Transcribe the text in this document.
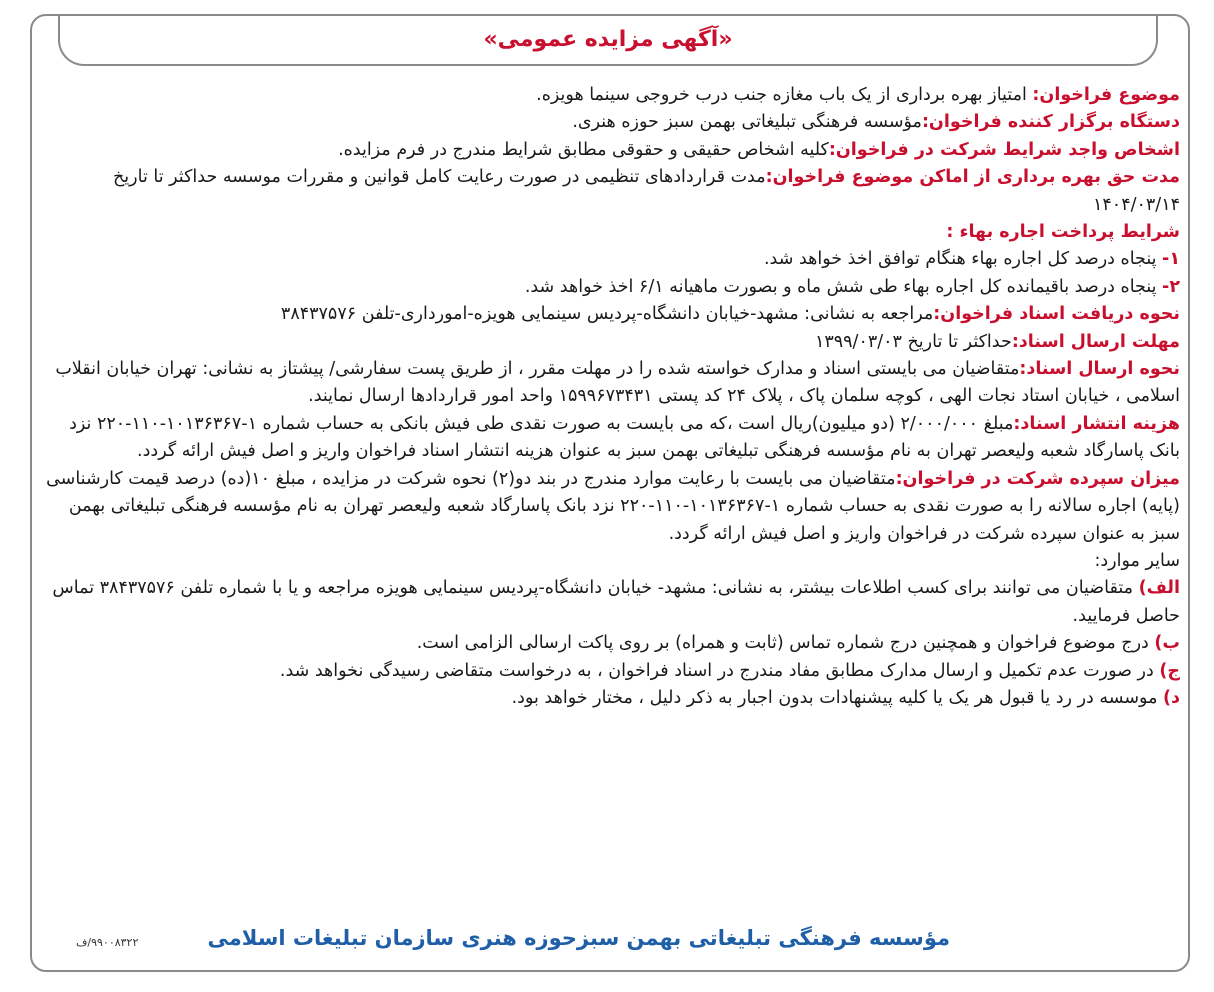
«آگهی مزایده عمومی»

موضوع فراخوان: امتیاز بهره برداری از یک باب مغازه جنب درب خروجی سینما هویزه.

دستگاه برگزار کننده فراخوان:مؤسسه فرهنگی تبلیغاتی بهمن سبز حوزه هنری.

اشخاص واجد شرایط شرکت در فراخوان:کلیه اشخاص حقیقی و حقوقی مطابق شرایط مندرج در فرم مزایده.

مدت حق بهره برداری از اماکن موضوع فراخوان:مدت قراردادهای تنظیمی در صورت رعایت کامل قوانین و مقررات موسسه حداکثر تا تاریخ ۱۴۰۴/۰۳/۱۴

شرایط پرداخت اجاره بهاء :

۱- پنجاه درصد کل اجاره بهاء هنگام توافق اخذ خواهد شد.

۲- پنجاه درصد باقیمانده کل اجاره بهاء طی شش ماه و بصورت ماهیانه ۶/۱ اخذ خواهد شد.

نحوه دریافت اسناد فراخوان:مراجعه به نشانی: مشهد-خیابان دانشگاه-پردیس سینمایی هویزه-امورداری-تلفن ۳۸۴۳۷۵۷۶

مهلت ارسال اسناد:حداکثر تا تاریخ ۱۳۹۹/۰۳/۰۳

نحوه ارسال اسناد:متقاضیان می بایستی اسناد و مدارک خواسته شده را در مهلت مقرر ، از طریق پست سفارشی/ پیشتاز به نشانی: تهران خیابان انقلاب اسلامی ، خیابان استاد نجات الهی ، کوچه سلمان پاک ، پلاک ۲۴ کد پستی ۱۵۹۹۶۷۳۴۳۱ واحد امور قراردادها ارسال نمایند.

هزینه انتشار اسناد:مبلغ ۲/۰۰۰/۰۰۰ (دو میلیون)ریال است ،که می بایست به صورت نقدی طی فیش بانکی به حساب شماره ۱-۱۰۱۳۶۳۶۷-۱۱۰-۲۲۰ نزد بانک پاسارگاد شعبه ولیعصر تهران به نام مؤسسه فرهنگی تبلیغاتی بهمن سبز به عنوان هزینه انتشار اسناد فراخوان واریز و اصل فیش ارائه گردد.

میزان سپرده شرکت در فراخوان:متقاضیان می بایست با رعایت موارد مندرج در بند دو(۲) نحوه شرکت در مزایده ، مبلغ ۱۰(ده) درصد قیمت کارشناسی (پایه) اجاره سالانه را به صورت نقدی به حساب شماره ۱-۱۰۱۳۶۳۶۷-۱۱۰-۲۲۰ نزد بانک پاسارگاد شعبه ولیعصر تهران به نام مؤسسه فرهنگی تبلیغاتی بهمن سبز به عنوان سپرده شرکت در فراخوان واریز و اصل فیش ارائه گردد.

سایر موارد:

الف) متقاضیان می توانند برای کسب اطلاعات بیشتر، به نشانی: مشهد- خیابان دانشگاه-پردیس سینمایی هویزه مراجعه و یا با شماره تلفن ۳۸۴۳۷۵۷۶ تماس حاصل فرمایید.

ب) درج موضوع فراخوان و همچنین درج شماره تماس (ثابت و همراه) بر روی پاکت ارسالی الزامی است.

ج) در صورت عدم تکمیل و ارسال مدارک مطابق مفاد مندرج در اسناد فراخوان ، به درخواست متقاضی رسیدگی نخواهد شد.

د) موسسه در رد یا قبول هر یک یا کلیه پیشنهادات بدون اجبار به ذکر دلیل ، مختار خواهد بود.

مؤسسه فرهنگی تبلیغاتی بهمن سبزحوزه هنری سازمان تبلیغات اسلامی
۹۹۰۰۸۳۲۲/ف
